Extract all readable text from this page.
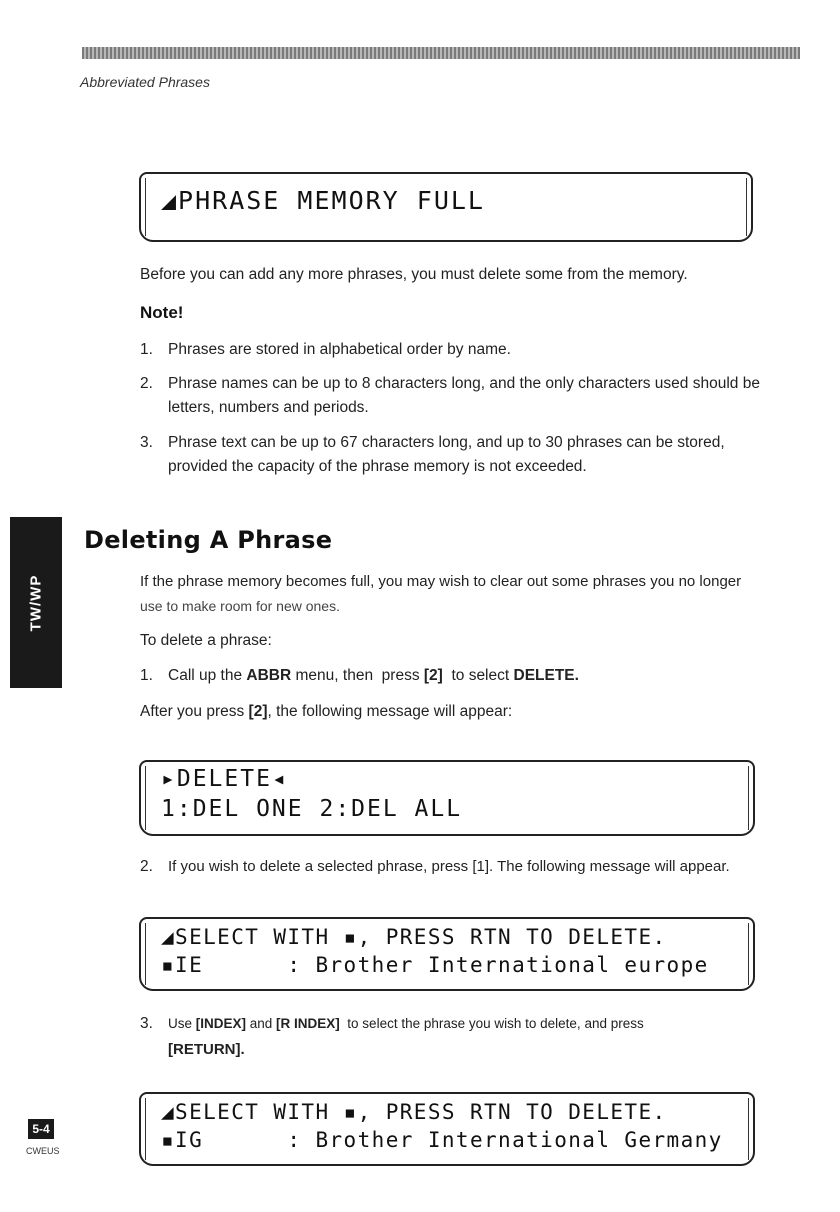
Abbreviated Phrases
◢PHRASE MEMORY FULL
Before you can add any more phrases, you must delete some from the memory.
Note!
1. Phrases are stored in alphabetical order by name.
2. Phrase names can be up to 8 characters long, and the only characters used should be
letters, numbers and periods.
3. Phrase text can be up to 67 characters long, and up to 30 phrases can be stored,
provided the capacity of the phrase memory is not exceeded.
TW/WP
Deleting A Phrase
If the phrase memory becomes full, you may wish to clear out some phrases you no longer
use to make room for new ones.
To delete a phrase:
1. Call up the ABBR menu, then  press [2]  to select DELETE.
After you press [2], the following message will appear:
▸DELETE◂
1:DEL ONE 2:DEL ALL
2.	If you wish to delete a selected phrase, press [1]. The following message will appear.
◢SELECT WITH ▪, PRESS RTN TO DELETE.
▪IE      : Brother International europe
3.	Use [INDEX] and [R INDEX]  to select the phrase you wish to delete, and press
[RETURN].
◢SELECT WITH ▪, PRESS RTN TO DELETE.
▪IG      : Brother International Germany
5-4
CWEUS
